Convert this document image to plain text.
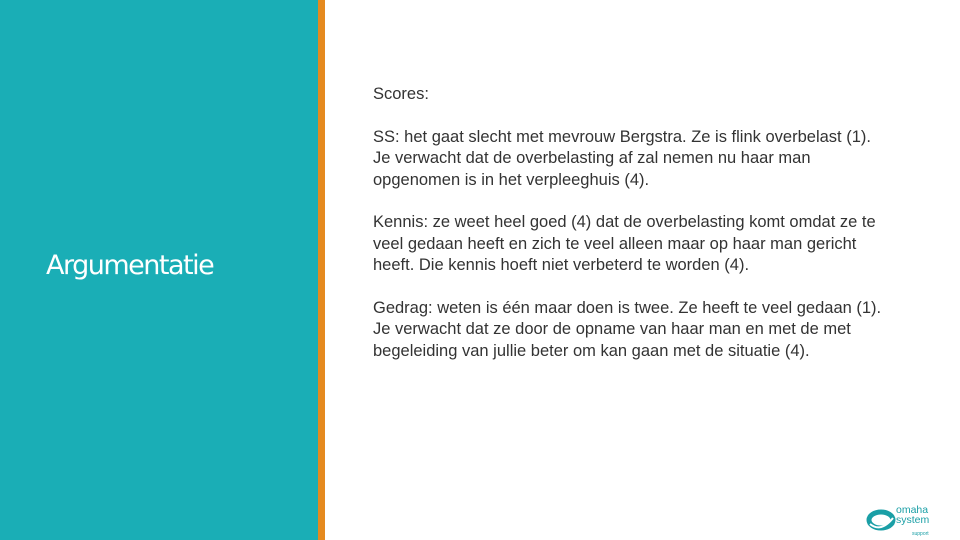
Argumentatie

Scores:

SS: het gaat slecht met mevrouw Bergstra. Ze is flink overbelast (1). Je verwacht dat de overbelasting af zal nemen nu haar man opgenomen is in het verpleeghuis (4).

Kennis: ze weet heel goed (4) dat de overbelasting komt omdat ze te veel gedaan heeft en zich te veel alleen maar op haar man gericht heeft. Die kennis hoeft niet verbeterd te worden (4).

Gedrag: weten is één maar doen is twee. Ze heeft te veel gedaan (1). Je verwacht dat ze door de opname van haar man en met de met begeleiding van jullie beter om kan gaan met de situatie (4).

omaha
system
support
